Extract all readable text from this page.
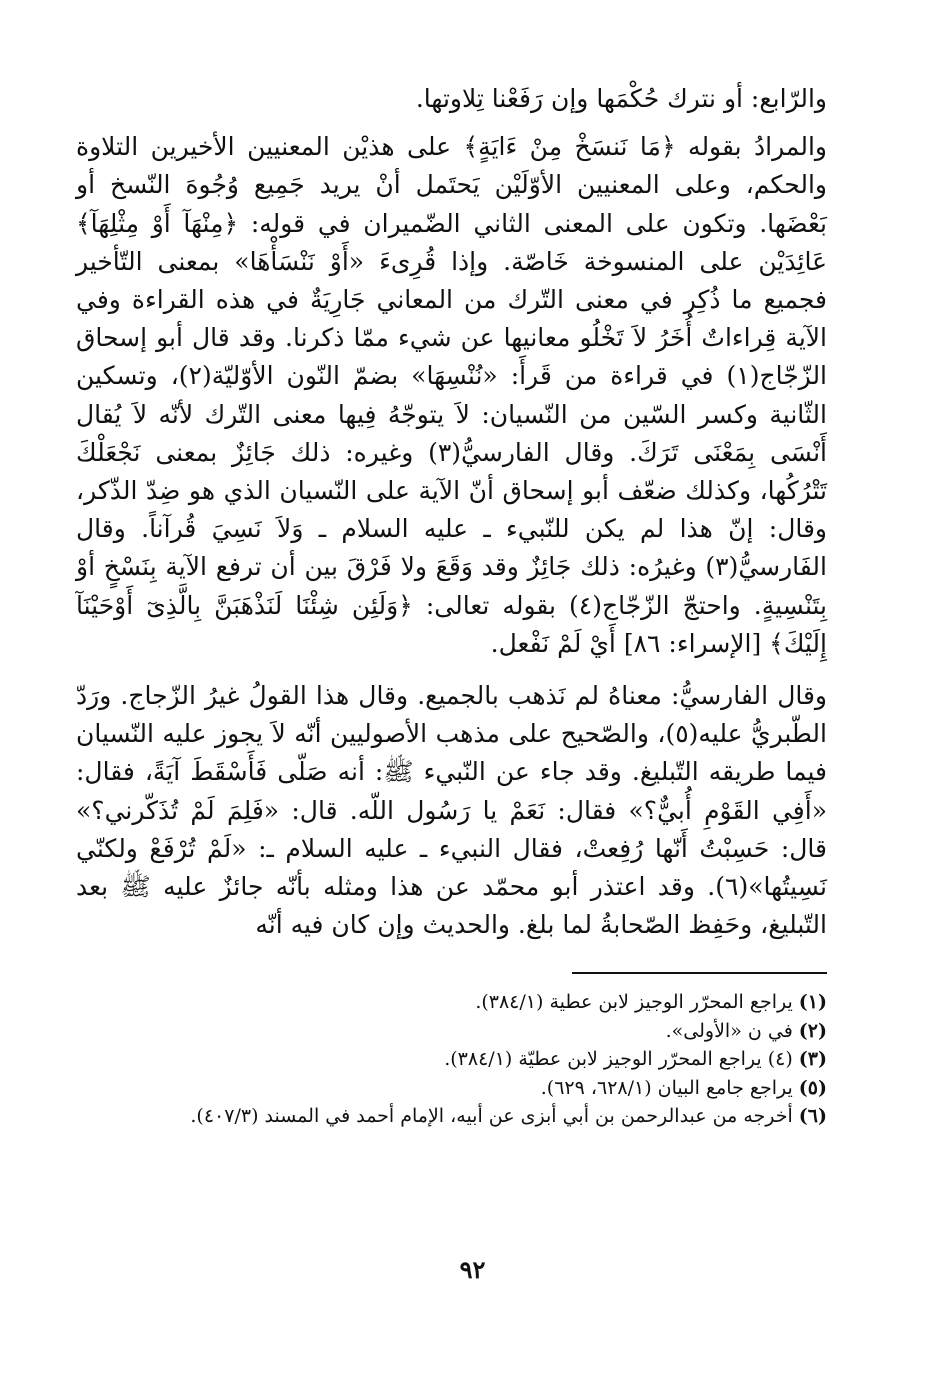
والرّابع: أو نترك حُكْمَها وإن رَفَعْنا تِلاوتها.

والمرادُ بقوله ﴿مَا نَنسَخْ مِنْ ءَايَةٍ﴾ على هذيْن المعنيين الأخيرين التلاوة والحكم، وعلى المعنيين الأوّلَيْن يَحتَمل أنْ يريد جَمِيع وُجُوهَ النّسخ أو بَعْضَها. وتكون على المعنى الثاني الضّميران في قوله: ﴿مِنْهَآ أَوْ مِثْلِهَآ﴾ عَائِدَيْن على المنسوخة خَاصّة. وإذا قُرِىءَ «أَوْ نَنْسَأْهَا» بمعنى التّأخير فجميع ما ذُكِر في معنى التّرك من المعاني جَارِيَةٌ في هذه القراءة وفي الآية قِراءاتٌ أُخَرُ لاَ تَخْلُو معانيها عن شيء ممّا ذكرنا. وقد قال أبو إسحاق الزّجّاج(١) في قراءة من قَرأَ: «نُنْسِهَا» بضمّ النّون الأوّليّة(٢)، وتسكين الثّانية وكسر السّين من النّسيان: لاَ يتوجّهُ فِيها معنى التّرك لأنّه لاَ يُقال أَنْسَى بِمَعْنَى تَرَكَ. وقال الفارسيُّ(٣) وغيره: ذلك جَائِزٌ بمعنى نَجْعَلْكَ تَتْرُكُها، وكذلك ضعّف أبو إسحاق أنّ الآية على النّسيان الذي هو ضِدّ الذّكر، وقال: إنّ هذا لم يكن للنّبيء ـ عليه السلام ـ وَلاَ نَسِيَ قُرآناً. وقال الفَارسيُّ(٣) وغيرُه: ذلك جَائِزٌ وقد وَقَعَ ولا فَرْقَ بين أن ترفع الآية بِنَسْخٍ أوْ بِتَنْسِيةٍ. واحتجّ الزّجّاج(٤) بقوله تعالى: ﴿وَلَئِن شِئْنَا لَنَذْهَبَنَّ بِالَّذِىٓ أَوْحَيْنَآ إِلَيْكَ﴾ [الإسراء: ٨٦] أَيْ لَمْ نَفْعل.

وقال الفارسيُّ: معناهُ لم نَذهب بالجميع. وقال هذا القولُ غيرُ الزّجاج. ورَدّ الطّبريُّ عليه(٥)، والصّحيح على مذهب الأصوليين أنّه لاَ يجوز عليه النّسيان فيما طريقه التّبليغ. وقد جاء عن النّبيء ﷺ: أنه صَلّى فَأَسْقَطَ آيَةً، فقال: «أَفِي القَوْمِ أُبيٌّ؟» فقال: نَعَمْ يا رَسُول اللّه. قال: «فَلِمَ لَمْ تُذَكّرني؟» قال: حَسِبْتُ أَنّها رُفِعتْ، فقال النبيء ـ عليه السلام ـ: «لَمْ تُرْفَعْ ولكنّي نَسِيتُها»(٦). وقد اعتذر أبو محمّد عن هذا ومثله بأنّه جائزٌ عليه ﷺ بعد التّبليغ، وحَفِظ الصّحابةُ لما بلغ. والحديث وإن كان فيه أنّه

(١)يراجع المحرّر الوجيز لابن عطية (٣٨٤/١).
(٢)في ن «الأولى».
(٣)(٤) يراجع المحرّر الوجيز لابن عطيّة (٣٨٤/١).
(٥)يراجع جامع البيان (٦٢٨/١، ٦٢٩).
(٦)أخرجه من عبدالرحمن بن أبي أبزى عن أبيه، الإمام أحمد في المسند (٤٠٧/٣).
٩٢
